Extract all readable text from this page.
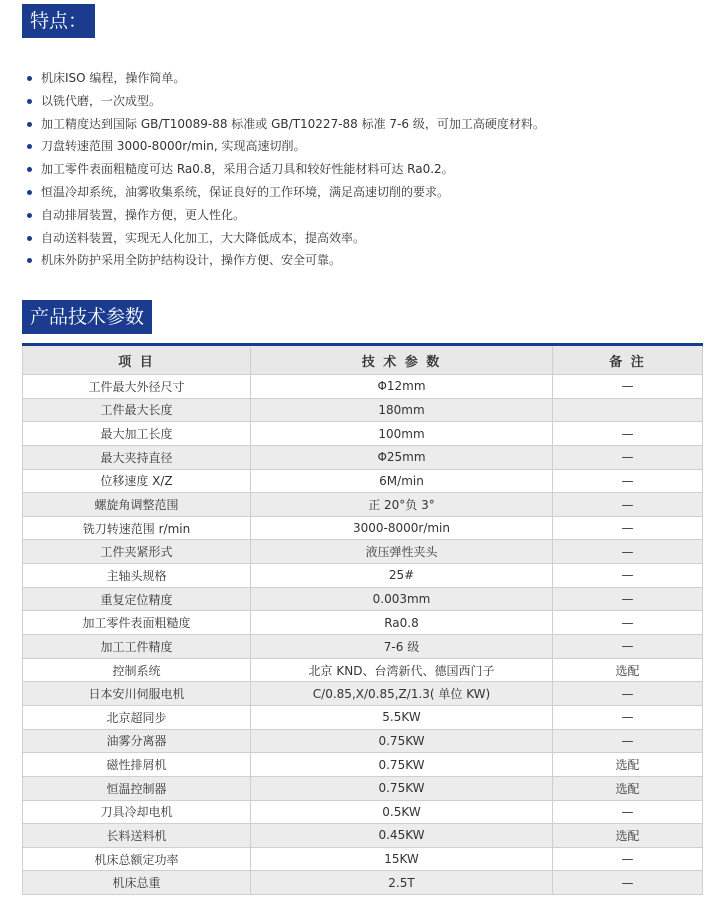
特点：
机床ISO 编程，操作简单。
以铣代磨，一次成型。
加工精度达到国际 GB/T10089-88 标准或 GB/T10227-88 标准 7-6 级，可加工高硬度材料。
刀盘转速范围 3000-8000r/min, 实现高速切削。
加工零件表面粗糙度可达 Ra0.8，采用合适刀具和较好性能材料可达 Ra0.2。
恒温冷却系统，油雾收集系统，保证良好的工作环境，满足高速切削的要求。
自动排屑装置，操作方便，更人性化。
自动送料装置，实现无人化加工，大大降低成本，提高效率。
机床外防护采用全防护结构设计，操作方便、安全可靠。
产品技术参数
项 目	技 术 参 数	备 注
工件最大外径尺寸	Φ12mm	—
工件最大长度	180mm	
最大加工长度	100mm	—
最大夹持直径	Φ25mm	—
位移速度 X/Z	6M/min	—
螺旋角调整范围	正 20°负 3°	—
铣刀转速范围 r/min	3000-8000r/min	—
工件夹紧形式	液压弹性夹头	—
主轴头规格	25#	—
重复定位精度	0.003mm	—
加工零件表面粗糙度	Ra0.8	—
加工工件精度	7-6 级	—
控制系统	北京 KND、台湾新代、德国西门子	选配
日本安川伺服电机	C/0.85,X/0.85,Z/1.3( 单位 KW)	—
北京超同步	5.5KW	—
油雾分离器	0.75KW	—
磁性排屑机	0.75KW	选配
恒温控制器	0.75KW	选配
刀具冷却电机	0.5KW	—
长料送料机	0.45KW	选配
机床总额定功率	15KW	—
机床总重	2.5T	—
